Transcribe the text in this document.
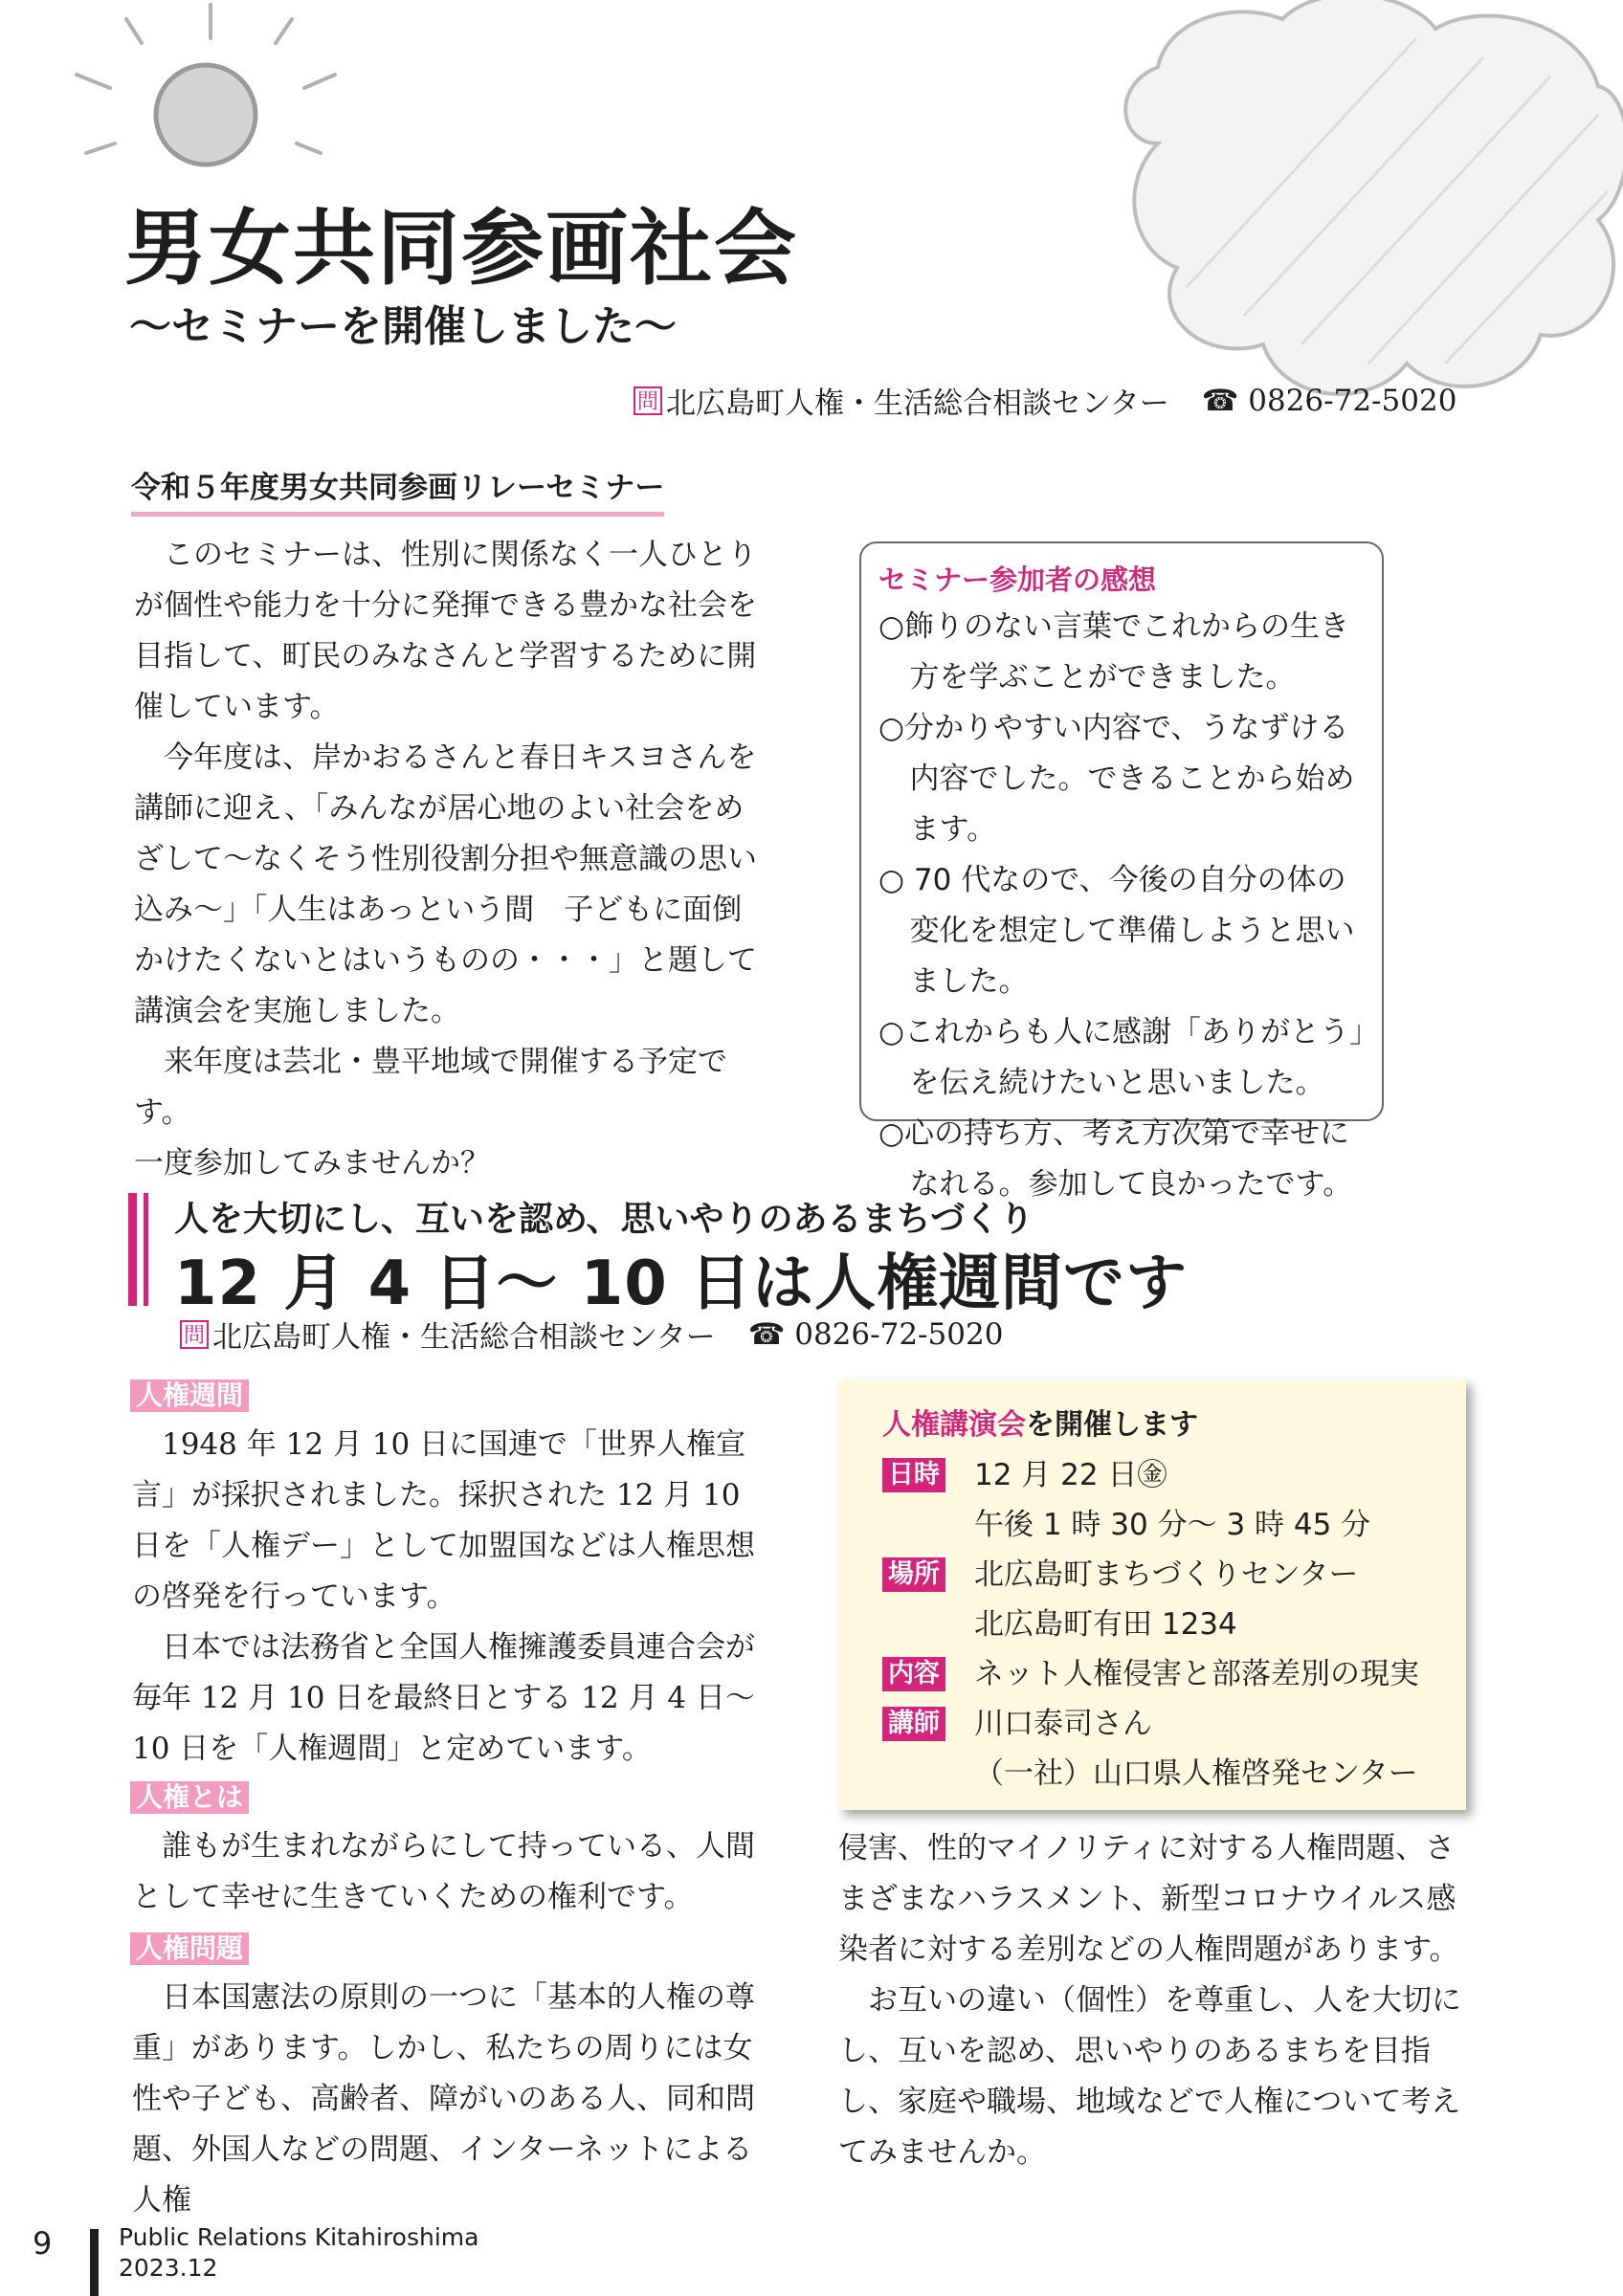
男女共同参画社会
～セミナーを開催しました～
問 北広島町人権・生活総合相談センター ☎ 0826-72-5020
令和５年度男女共同参画リレーセミナー

このセミナーは、性別に関係なく一人ひとりが個性や能力を十分に発揮できる豊かな社会を目指して、町民のみなさんと学習するために開催しています。

今年度は、岸かおるさんと春日キスヨさんを講師に迎え、「みんなが居心地のよい社会をめざして～なくそう性別役割分担や無意識の思い込み～」「人生はあっという間　子どもに面倒かけたくないとはいうものの・・・」と題して講演会を実施しました。

来年度は芸北・豊平地域で開催する予定です。

一度参加してみませんか？

セミナー参加者の感想
○飾りのない言葉でこれからの生き方を学ぶことができました。
○分かりやすい内容で、うなずける内容でした。できることから始めます。
○ 70 代なので、今後の自分の体の変化を想定して準備しようと思いました。
○これからも人に感謝「ありがとう」を伝え続けたいと思いました。
○心の持ち方、考え方次第で幸せになれる。参加して良かったです。
人を大切にし、互いを認め、思いやりのあるまちづくり
12 月 4 日～ 10 日は人権週間です
問 北広島町人権・生活総合相談センター ☎ 0826-72-5020
人権週間

1948 年 12 月 10 日に国連で「世界人権宣言」が採択されました。採択された 12 月 10 日を「人権デー」として加盟国などは人権思想の啓発を行っています。

日本では法務省と全国人権擁護委員連合会が毎年 12 月 10 日を最終日とする 12 月 4 日～ 10 日を「人権週間」と定めています。

人権とは

誰もが生まれながらにして持っている、人間として幸せに生きていくための権利です。

人権問題

日本国憲法の原則の一つに「基本的人権の尊重」があります。しかし、私たちの周りには女性や子ども、高齢者、障がいのある人、同和問題、外国人などの問題、インターネットによる人権

侵害、性的マイノリティに対する人権問題、さまざまなハラスメント、新型コロナウイルス感染者に対する差別などの人権問題があります。

お互いの違い（個性）を尊重し、人を大切にし、互いを認め、思いやりのあるまちを目指し、家庭や職場、地域などで人権について考えてみませんか。

人権講演会を開催します
日時 12 月 22 日㊎
午後 1 時 30 分～ 3 時 45 分
場所 北広島町まちづくりセンター
北広島町有田 1234
内容 ネット人権侵害と部落差別の現実
講師 川口泰司さん
（一社）山口県人権啓発センター
9	Public Relations Kitahiroshima
2023.12
